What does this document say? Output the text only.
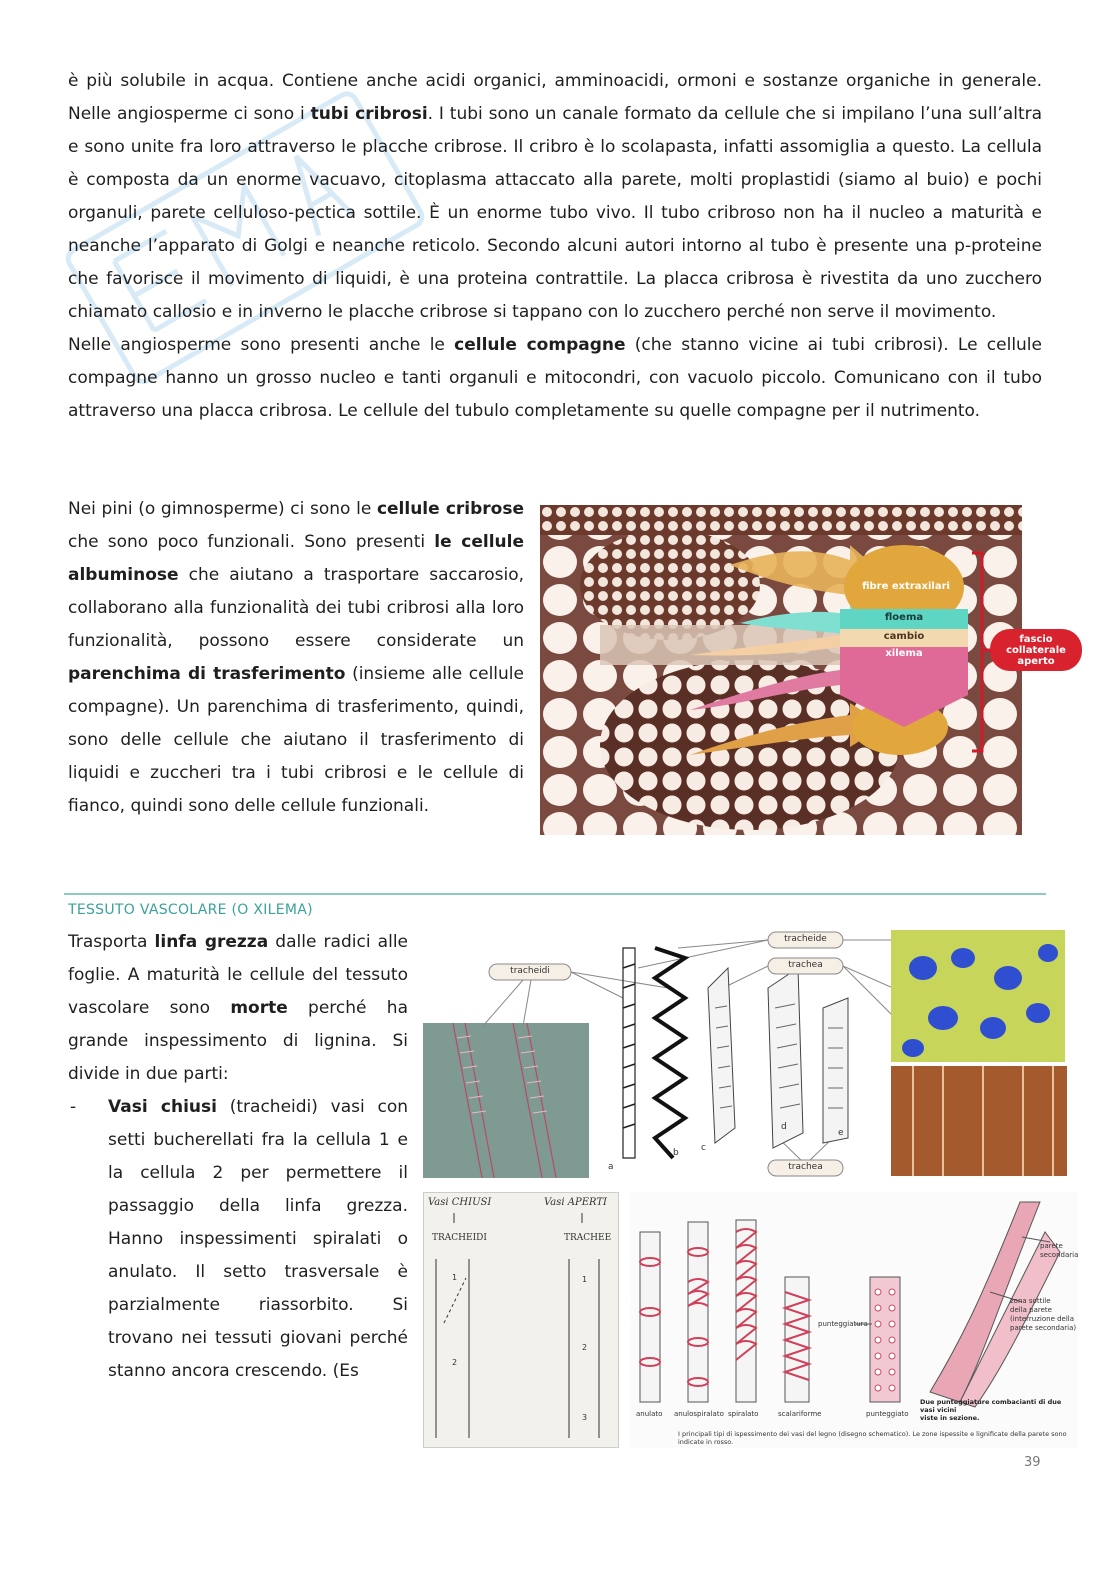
è più solubile in acqua. Contiene anche acidi organici, amminoacidi, ormoni e sostanze organiche in generale. Nelle angiosperme ci sono i tubi cribrosi. I tubi sono un canale formato da cellule che si impilano l’una sull’altra e sono unite fra loro attraverso le placche cribrose. Il cribro è lo scolapasta, infatti assomiglia a questo. La cellula è composta da un enorme vacuavo, citoplasma attaccato alla parete, molti proplastidi (siamo al buio) e pochi organuli, parete celluloso-pectica sottile. È un enorme tubo vivo. Il tubo cribroso non ha il nucleo a maturità e neanche l’apparato di Golgi e neanche reticolo. Secondo alcuni autori intorno al tubo è presente una p-proteine che favorisce il movimento di liquidi, è una proteina contrattile. La placca cribrosa è rivestita da uno zucchero chiamato callosio e in inverno le placche cribrose si tappano con lo zucchero perché non serve il movimento.
Nelle angiosperme sono presenti anche le cellule compagne (che stanno vicine ai tubi cribrosi). Le cellule compagne hanno un grosso nucleo e tanti organuli e mitocondri, con vacuolo piccolo. Comunicano con il tubo attraverso una placca cribrosa. Le cellule del tubulo completamente su quelle compagne per il nutrimento.
Nei pini (o gimnosperme) ci sono le cellule cribrose che sono poco funzionali. Sono presenti le cellule albuminose che aiutano a trasportare saccarosio, collaborano alla funzionalità dei tubi cribrosi alla loro funzionalità, possono essere considerate un parenchima di trasferimento (insieme alle cellule compagne). Un parenchima di trasferimento, quindi, sono delle cellule che aiutano il trasferimento di liquidi e zuccheri tra i tubi cribrosi e le cellule di fianco, quindi sono delle cellule funzionali.
fibre extraxilari
floema
cambio
xilema
fascio
collaterale
aperto
TESSUTO VASCOLARE (O XILEMA)
Trasporta linfa grezza dalle radici alle foglie. A maturità le cellule del tessuto vascolare sono morte perché ha grande inspessimento di lignina. Si divide in due parti:
- Vasi chiusi (tracheidi) vasi con setti bucherellati fra la cellula 1 e la cellula 2 per permettere il passaggio della linfa grezza. Hanno inspessimenti spiralati o anulato. Il setto trasversale è parzialmente riassorbito. Si trovano nei tessuti giovani perché stanno ancora crescendo. (Es
tracheidi
tracheide
trachea
trachea
a
b c
d
e
Vasi CHIUSI
TRACHEIDI
Vasi APERTI
TRACHEE
1
2
1
2
3	anulato anulospiralato spiralato	scalariforme	punteggiato
punteggiatura
parete
secondaria
zona sottile
della parete
(interruzione della
parete secondaria)
Due punteggiature combacianti di due vasi vicini
viste in sezione.
I principali tipi di ispessimento dei vasi del legno (disegno schematico). Le zone ispessite e lignificate della parete sono indicate in rosso.
39
